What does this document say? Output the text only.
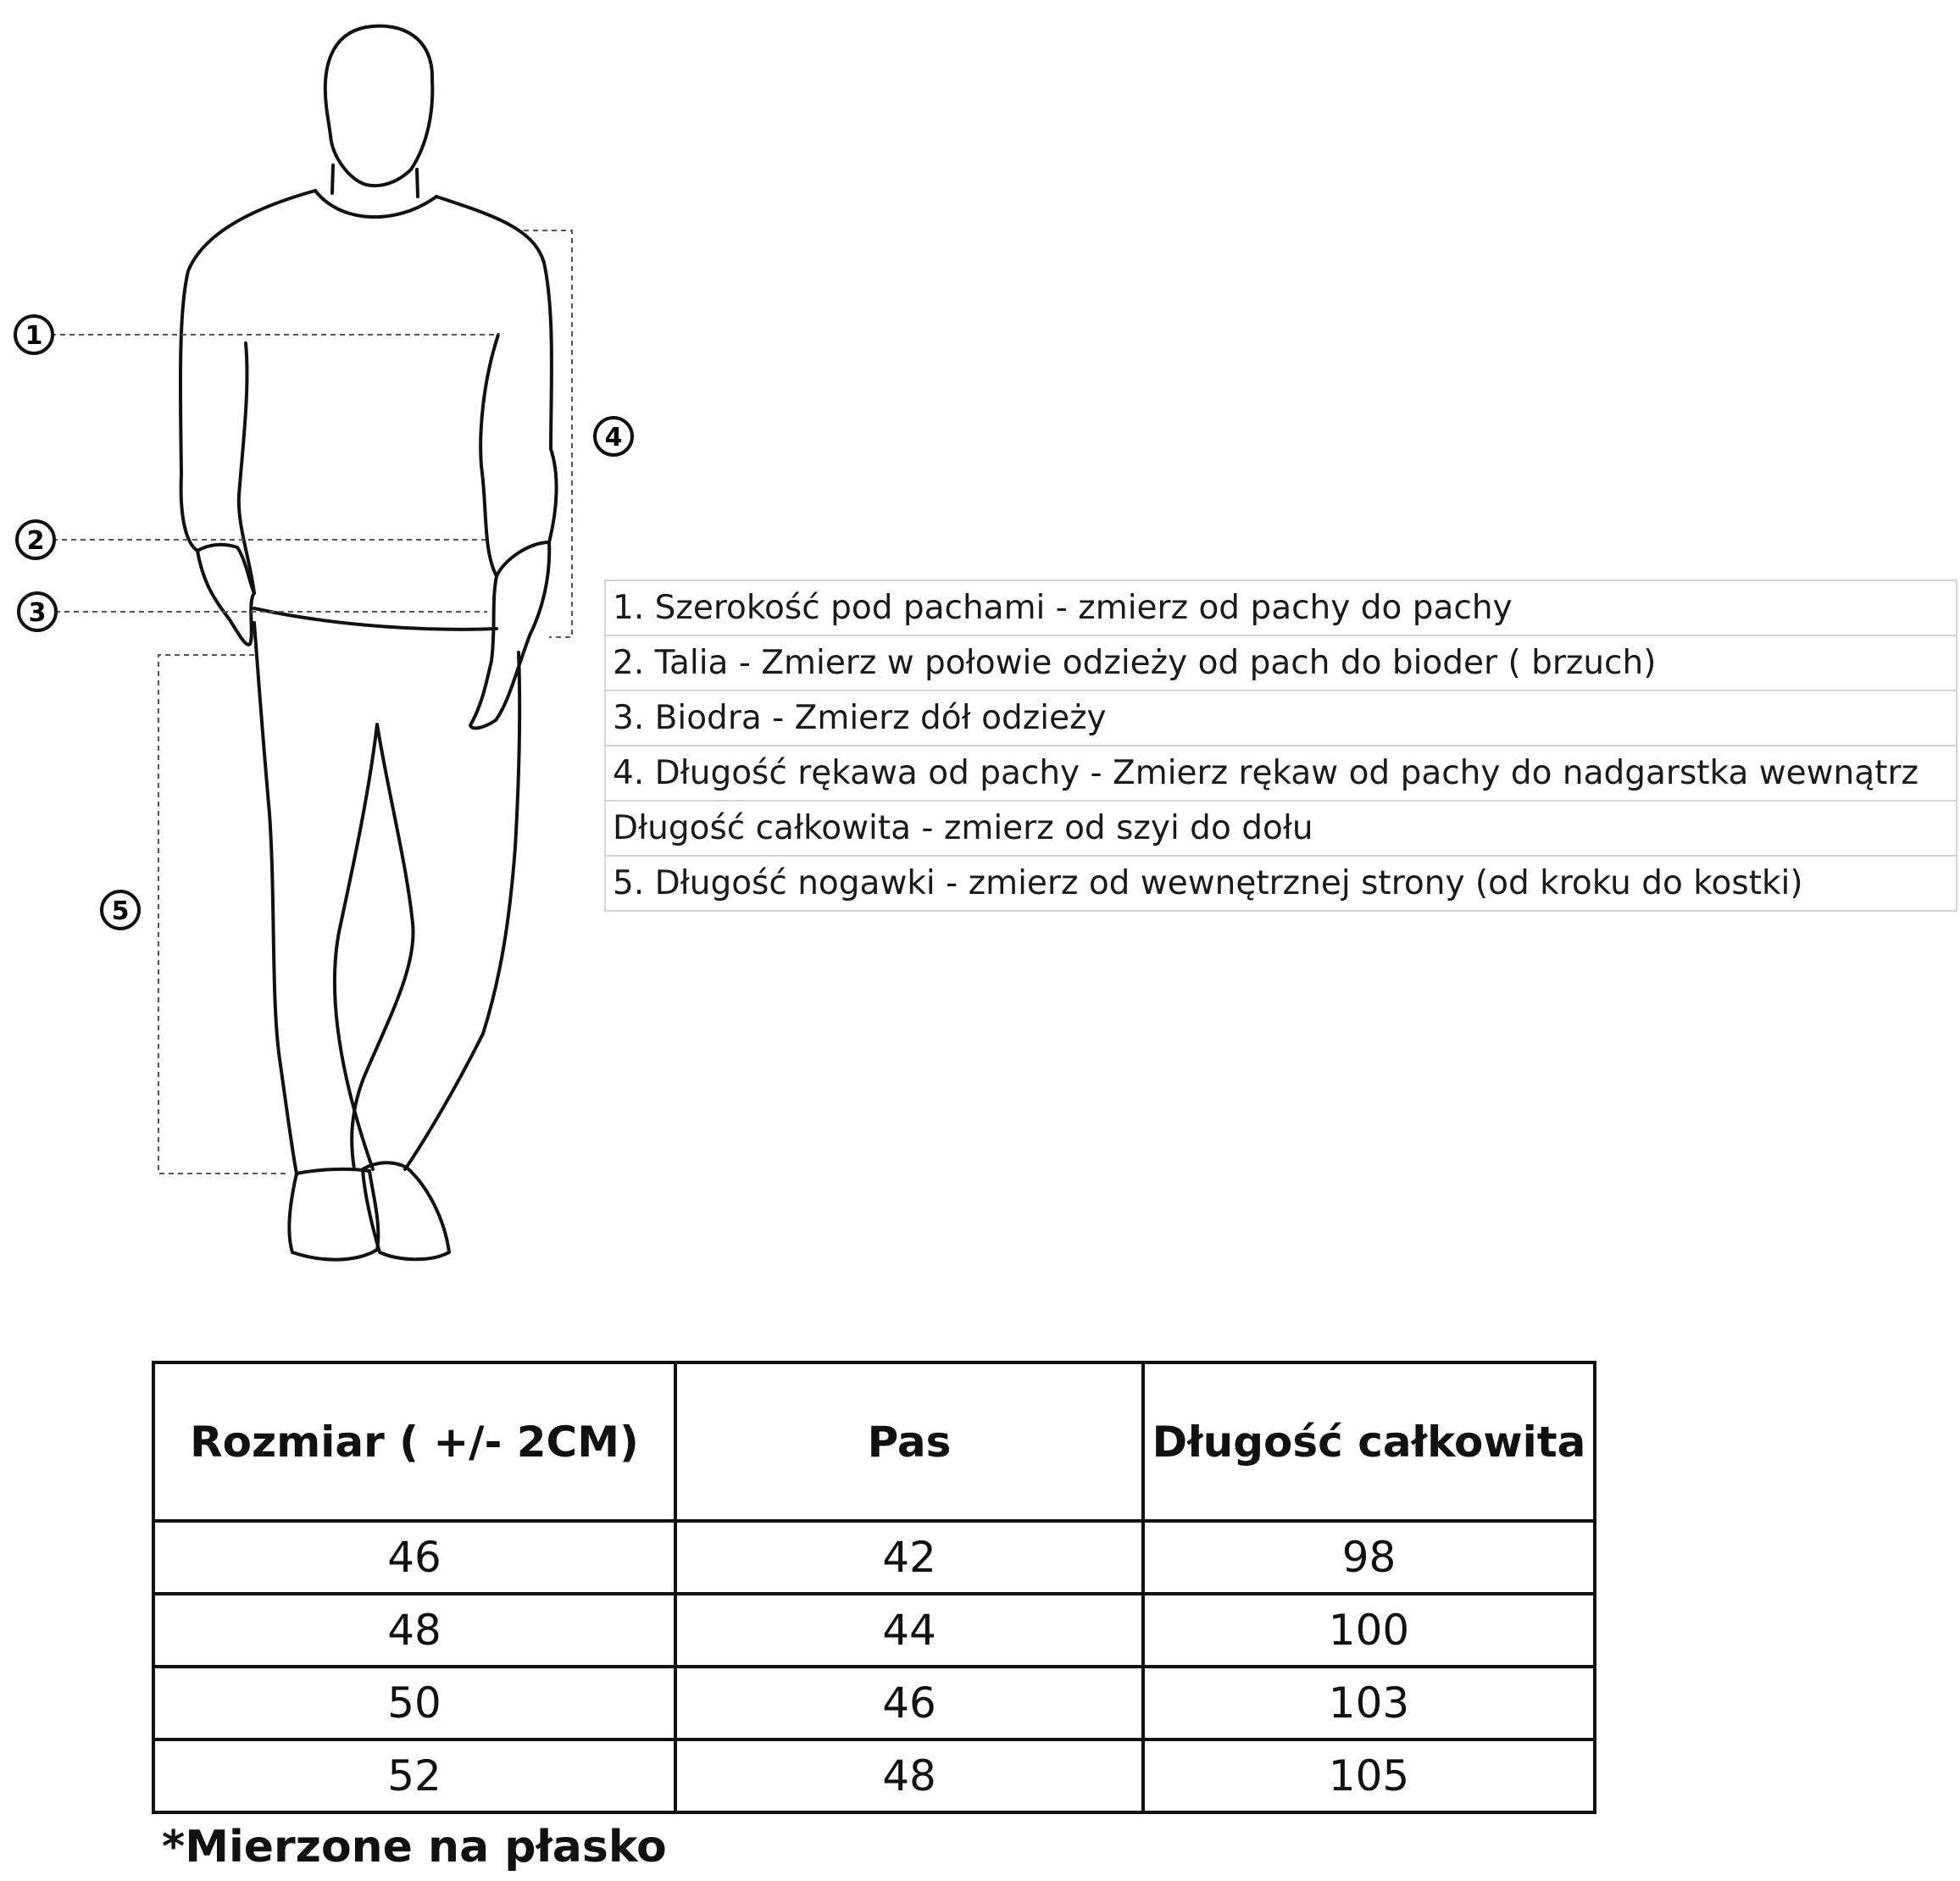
1
2
3
4
5
1. Szerokość pod pachami - zmierz od pachy do pachy
2. Talia - Zmierz w połowie odzieży od pach do bioder ( brzuch)
3. Biodra - Zmierz dół odzieży
4. Długość rękawa od pachy - Zmierz rękaw od pachy do nadgarstka wewnątrz
Długość całkowita - zmierz od szyi do dołu
5. Długość nogawki - zmierz od wewnętrznej strony (od kroku do kostki)
Rozmiar ( +/- 2CM)	Pas	Długość całkowita
46	42	98
48	44	100
50	46	103
52	48	105
*Mierzone na płasko
